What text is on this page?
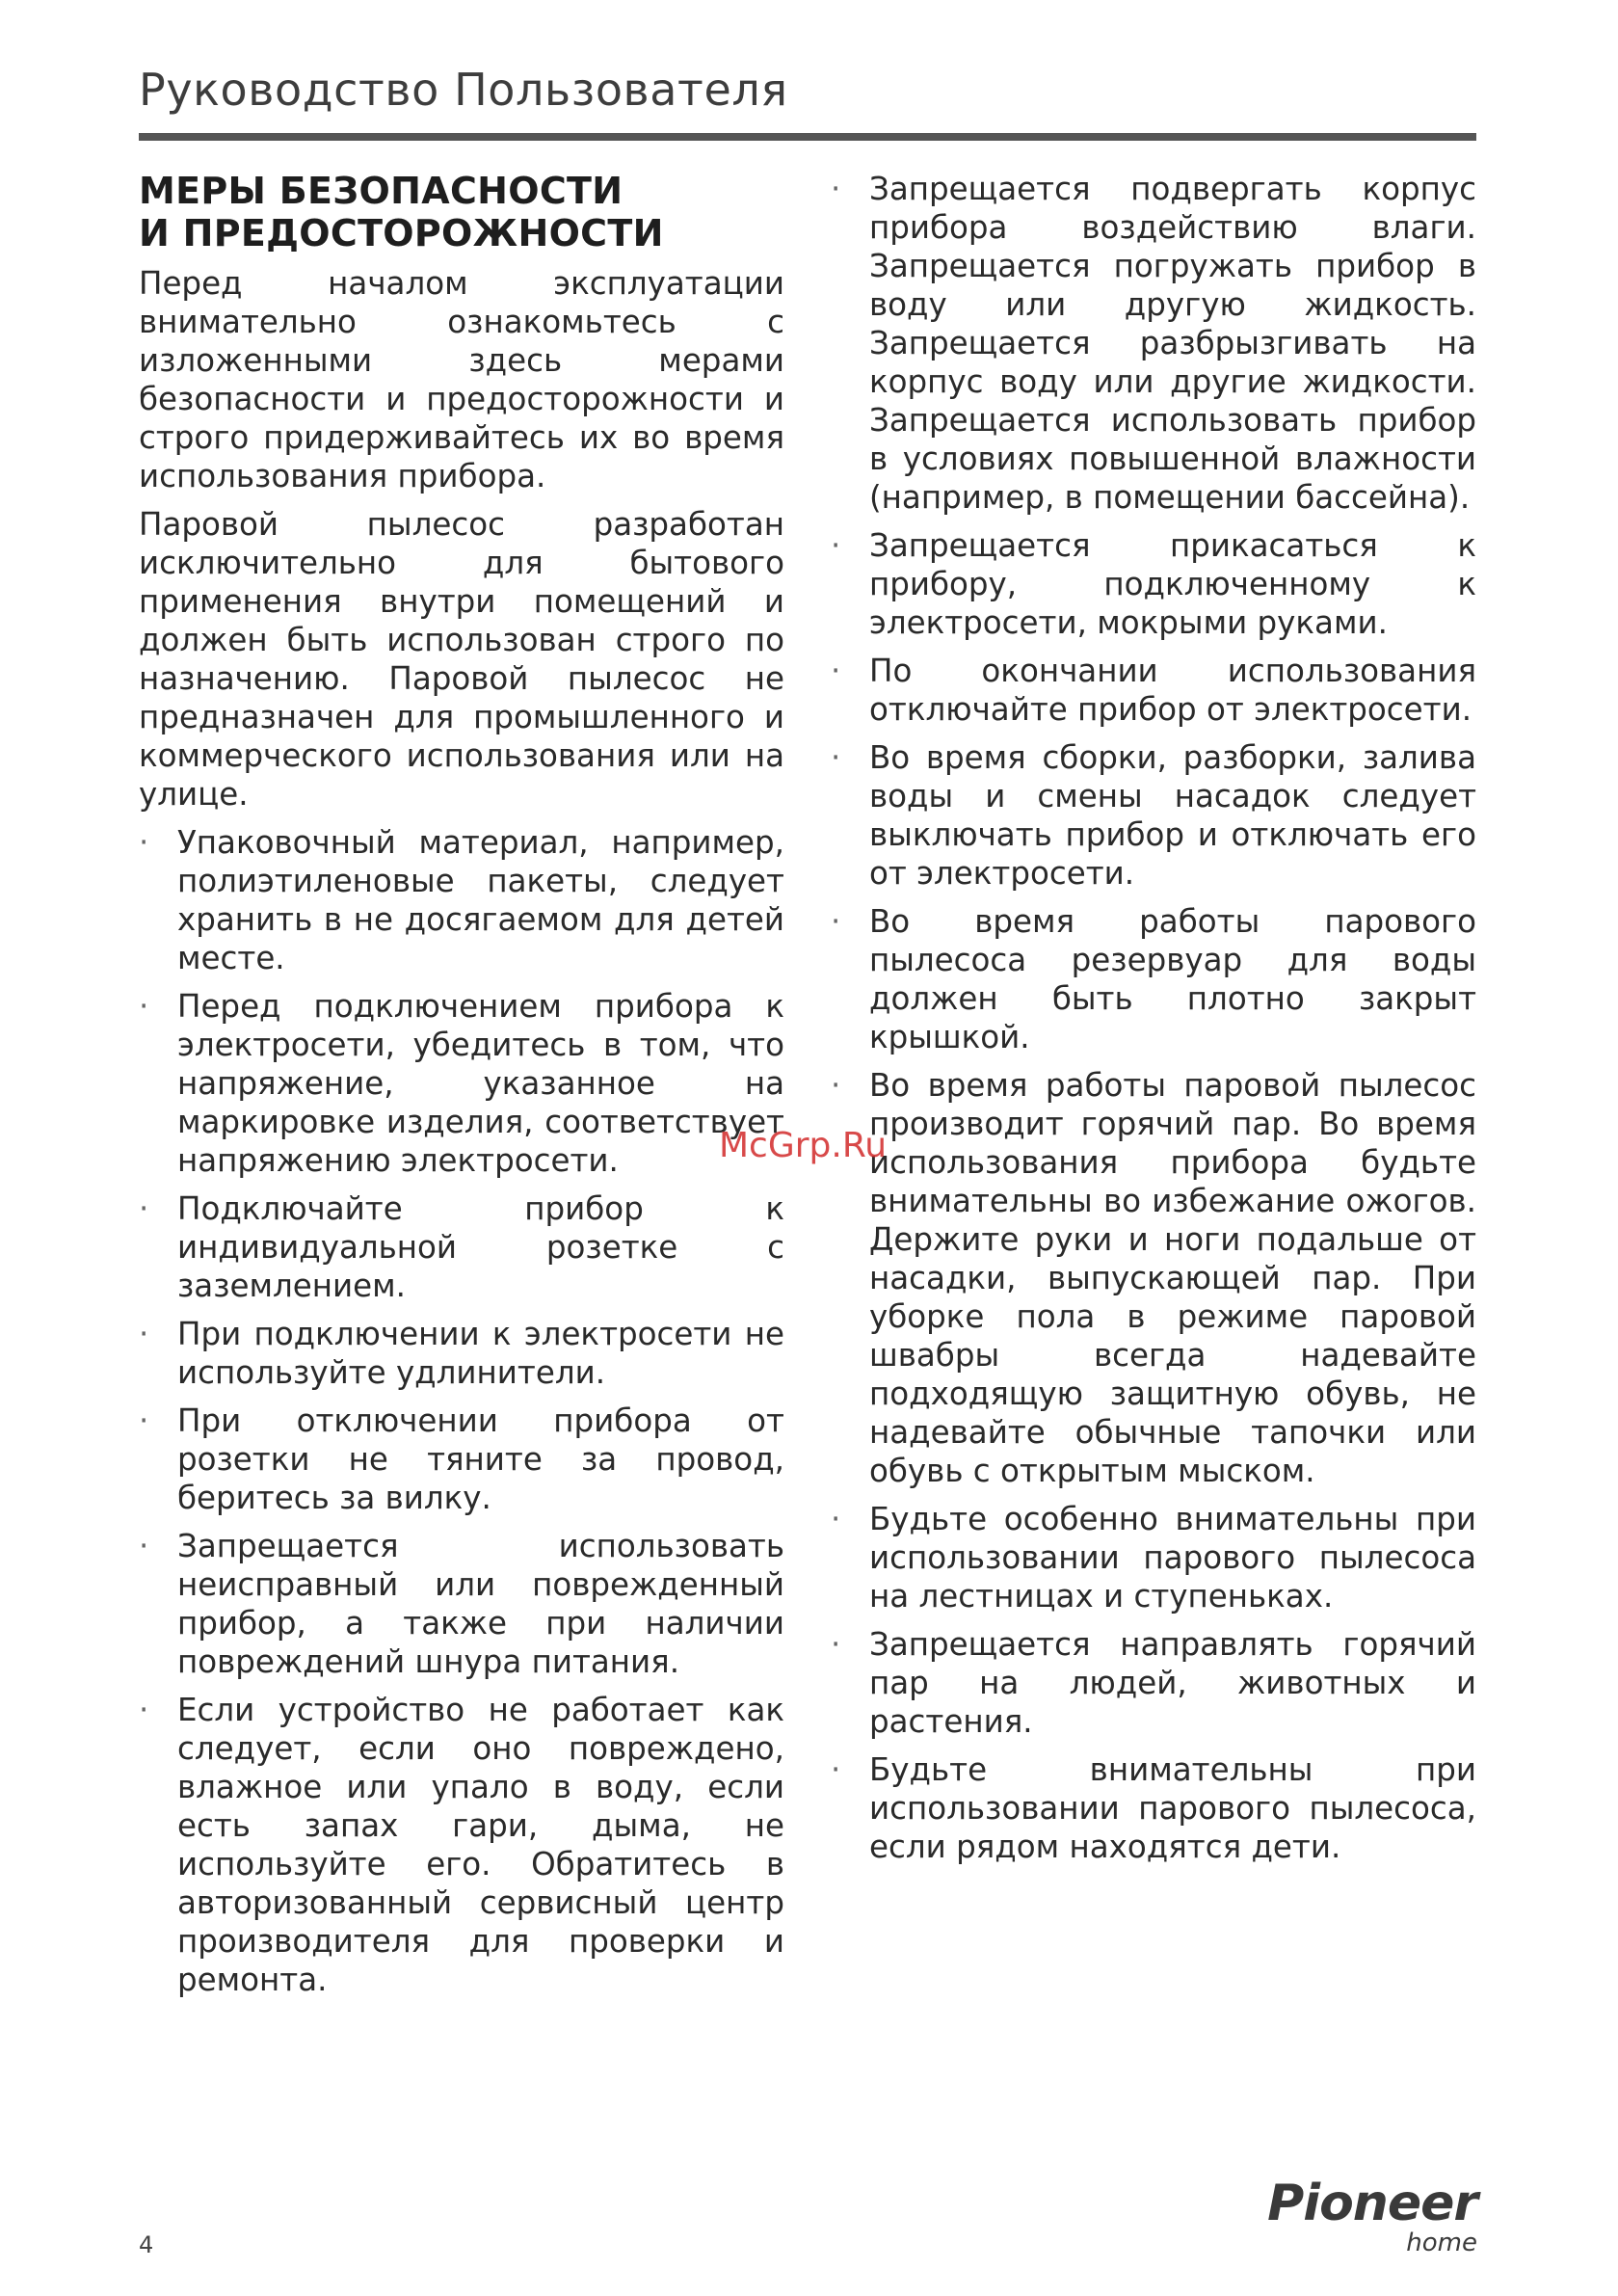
Руководство Пользователя
МЕРЫ БЕЗОПАСНОСТИ
И ПРЕДОСТОРОЖНОСТИ

Перед началом эксплуатации внимательно ознакомьтесь с изложенными здесь мерами безопасности и предосторожности и строго придерживайтесь их во время использования прибора.

Паровой пылесос разработан исключительно для бытового применения внутри помещений и должен быть использован строго по назначению. Паровой пылесос не предназначен для промышленного и коммерческого использования или на улице.

· Упаковочный материал, например, полиэтиленовые пакеты, следует хранить в не досягаемом для детей месте.
· Перед подключением прибора к электросети, убедитесь в том, что напряжение, указанное на маркировке изделия, соответствует напряжению электросети.
· Подключайте прибор к индивидуальной розетке с заземлением.
· При подключении к электросети не используйте удлинители.
· При отключении прибора от розетки не тяните за провод, беритесь за вилку.
· Запрещается использовать неисправный или поврежденный прибор, а также при наличии повреждений шнура питания.
· Если устройство не работает как следует, если оно повреждено, влажное или упало в воду, если есть запах гари, дыма, не используйте его. Обратитесь в авторизованный сервисный центр производителя для проверки и ремонта.
· Запрещается подвергать корпус прибора воздействию влаги. Запрещается погружать прибор в воду или другую жидкость. Запрещается разбрызгивать на корпус воду или другие жидкости. Запрещается использовать прибор в условиях повышенной влажности (например, в помещении бассейна).
· Запрещается прикасаться к прибору, подключенному к электросети, мокрыми руками.
· По окончании использования отключайте прибор от электросети.
· Во время сборки, разборки, залива воды и смены насадок следует выключать прибор и отключать его от электросети.
· Во время работы парового пылесоса резервуар для воды должен быть плотно закрыт крышкой.
· Во время работы паровой пылесос производит горячий пар. Во время использования прибора будьте внимательны во избежание ожогов. Держите руки и ноги подальше от насадки, выпускающей пар. При уборке пола в режиме паровой швабры всегда надевайте подходящую защитную обувь, не надевайте обычные тапочки или обувь с открытым мыском.
· Будьте особенно внимательны при использовании парового пылесоса на лестницах и ступеньках.
· Запрещается направлять горячий пар на людей, животных и растения.
· Будьте внимательны при использовании парового пылесоса, если рядом находятся дети.
McGrp.Ru
4
Pioneer
home
